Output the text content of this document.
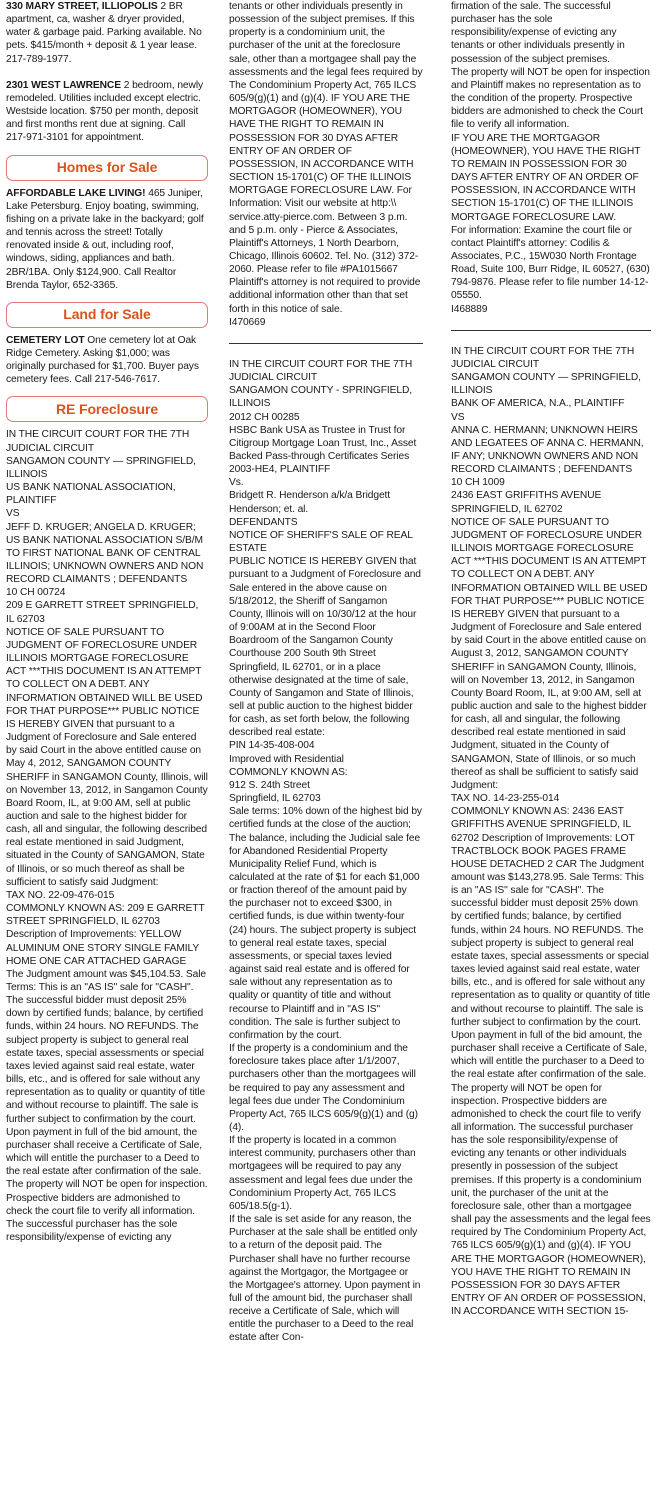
330 MARY STREET, ILLIOPOLIS 2 BR apartment, ca, washer & dryer provided, water & garbage paid. Parking available. No pets. $415/month + deposit & 1 year lease. 217-789-1977.

2301 WEST LAWRENCE 2 bedroom, newly remodeled. Utilities included except electric. Westside location. $750 per month, deposit and first months rent due at signing. Call 217-971-3101 for appointment.

Homes for Sale

AFFORDABLE LAKE LIVING! 465 Juniper, Lake Petersburg. Enjoy boating, swimming, fishing on a private lake in the backyard; golf and tennis across the street! Totally renovated inside & out, including roof, windows, siding, appliances and bath. 2BR/1BA. Only $124,900. Call Realtor Brenda Taylor, 652-3365.

Land for Sale

CEMETERY LOT One cemetery lot at Oak Ridge Cemetery. Asking $1,000; was originally purchased for $1,700. Buyer pays cemetery fees. Call 217-546-7617.

RE Foreclosure

IN THE CIRCUIT COURT FOR THE 7TH JUDICIAL CIRCUIT
SANGAMON COUNTY — SPRINGFIELD, ILLINOIS
US BANK NATIONAL ASSOCIATION, PLAINTIFF
VS
JEFF D. KRUGER; ANGELA D. KRUGER; US BANK NATIONAL ASSOCIATION S/B/M TO FIRST NATIONAL BANK OF CENTRAL ILLINOIS; UNKNOWN OWNERS AND NON RECORD CLAIMANTS ; DEFENDANTS
10 CH 00724
209 E GARRETT STREET SPRINGFIELD, IL 62703
NOTICE OF SALE PURSUANT TO JUDGMENT OF FORECLOSURE UNDER ILLINOIS MORTGAGE FORECLOSURE ACT ***THIS DOCUMENT IS AN ATTEMPT TO COLLECT ON A DEBT. ANY INFORMATION OBTAINED WILL BE USED FOR THAT PURPOSE*** PUBLIC NOTICE IS HEREBY GIVEN that pursuant to a Judgment of Foreclosure and Sale entered by said Court in the above entitled cause on May 4, 2012, SANGAMON COUNTY SHERIFF in SANGAMON County, Illinois, will on November 13, 2012, in Sangamon County Board Room, IL, at 9:00 AM, sell at public auction and sale to the highest bidder for cash, all and singular, the following described real estate mentioned in said Judgment, situated in the County of SANGAMON, State of Illinois, or so much thereof as shall be sufficient to satisfy said Judgment:
TAX NO. 22-09-476-015
COMMONLY KNOWN AS: 209 E GARRETT STREET SPRINGFIELD, IL 62703
Description of Improvements: YELLOW ALUMINUM ONE STORY SINGLE FAMILY HOME ONE CAR ATTACHED GARAGE
The Judgment amount was $45,104.53. Sale Terms: This is an "AS IS" sale for "CASH". The successful bidder must deposit 25% down by certified funds; balance, by certified funds, within 24 hours. NO REFUNDS. The subject property is subject to general real estate taxes, special assessments or special taxes levied against said real estate, water bills, etc., and is offered for sale without any representation as to quality or quantity of title and without recourse to plaintiff. The sale is further subject to confirmation by the court. Upon payment in full of the bid amount, the purchaser shall receive a Certificate of Sale, which will entitle the purchaser to a Deed to the real estate after confirmation of the sale. The property will NOT be open for inspection. Prospective bidders are admonished to check the court file to verify all information. The successful purchaser has the sole responsibility/expense of evicting any

tenants or other individuals presently in possession of the subject premises. If this property is a condominium unit, the purchaser of the unit at the foreclosure sale, other than a mortgagee shall pay the assessments and the legal fees required by The Condominium Property Act, 765 ILCS 605/9(g)(1) and (g)(4). IF YOU ARE THE MORTGAGOR (HOMEOWNER), YOU HAVE THE RIGHT TO REMAIN IN POSSESSION FOR 30 DYAS AFTER ENTRY OF AN ORDER OF POSSESSION, IN ACCORDANCE WITH SECTION 15-1701(C) OF THE ILLINOIS MORTGAGE FORECLOSURE LAW. For Information: Visit our website at http:\\ service.atty-pierce.com. Between 3 p.m. and 5 p.m. only - Pierce & Associates, Plaintiff's Attorneys, 1 North Dearborn, Chicago, Illinois 60602. Tel. No. (312) 372-2060. Please refer to file #PA1015667 Plaintiff's attorney is not required to provide additional information other than that set forth in this notice of sale.
I470669

IN THE CIRCUIT COURT FOR THE 7TH JUDICIAL CIRCUIT
SANGAMON COUNTY - SPRINGFIELD, ILLINOIS
2012 CH 00285
HSBC Bank USA as Trustee in Trust for Citigroup Mortgage Loan Trust, Inc., Asset Backed Pass-through Certificates Series 2003-HE4, PLAINTIFF
Vs.
Bridgett R. Henderson a/k/a Bridgett Henderson; et. al.
DEFENDANTS
NOTICE OF SHERIFF'S SALE OF REAL ESTATE
PUBLIC NOTICE IS HEREBY GIVEN that pursuant to a Judgment of Foreclosure and Sale entered in the above cause on 5/18/2012, the Sheriff of Sangamon County, Illinois will on 10/30/12 at the hour of 9:00AM at in the Second Floor Boardroom of the Sangamon County Courthouse 200 South 9th Street Springfield, IL 62701, or in a place otherwise designated at the time of sale, County of Sangamon and State of Illinois, sell at public auction to the highest bidder for cash, as set forth below, the following described real estate:
PIN 14-35-408-004
Improved with Residential
COMMONLY KNOWN AS:
912 S. 24th Street
Springfield, IL 62703
Sale terms: 10% down of the highest bid by certified funds at the close of the auction; The balance, including the Judicial sale fee for Abandoned Residential Property Municipality Relief Fund, which is calculated at the rate of $1 for each $1,000 or fraction thereof of the amount paid by the purchaser not to exceed $300, in certified funds, is due within twenty-four (24) hours. The subject property is subject to general real estate taxes, special assessments, or special taxes levied against said real estate and is offered for sale without any representation as to quality or quantity of title and without recourse to Plaintiff and in "AS IS" condition. The sale is further subject to confirmation by the court.
If the property is a condominium and the foreclosure takes place after 1/1/2007, purchasers other than the mortgagees will be required to pay any assessment and legal fees due under The Condominium Property Act, 765 ILCS 605/9(g)(1) and (g)(4).
If the property is located in a common interest community, purchasers other than mortgagees will be required to pay any assessment and legal fees due under the Condominium Property Act, 765 ILCS 605/18.5(g-1).
If the sale is set aside for any reason, the Purchaser at the sale shall be entitled only to a return of the deposit paid. The Purchaser shall have no further recourse against the Mortgagor, the Mortgagee or the Mortgagee's attorney. Upon payment in full of the amount bid, the purchaser shall receive a Certificate of Sale, which will entitle the purchaser to a Deed to the real estate after Con-

firmation of the sale. The successful purchaser has the sole responsibility/expense of evicting any tenants or other individuals presently in possession of the subject premises.
The property will NOT be open for inspection and Plaintiff makes no representation as to the condition of the property. Prospective bidders are admonished to check the Court file to verify all information.
IF YOU ARE THE MORTGAGOR (HOMEOWNER), YOU HAVE THE RIGHT TO REMAIN IN POSSESSION FOR 30 DAYS AFTER ENTRY OF AN ORDER OF POSSESSION, IN ACCORDANCE WITH SECTION 15-1701(C) OF THE ILLINOIS MORTGAGE FORECLOSURE LAW.
For information: Examine the court file or contact Plaintiff's attorney: Codilis & Associates, P.C., 15W030 North Frontage Road, Suite 100, Burr Ridge, IL 60527, (630) 794-9876. Please refer to file number 14-12-05550.
I468889

IN THE CIRCUIT COURT FOR THE 7TH JUDICIAL CIRCUIT
SANGAMON COUNTY — SPRINGFIELD, ILLINOIS
BANK OF AMERICA, N.A., PLAINTIFF
VS
ANNA C. HERMANN; UNKNOWN HEIRS AND LEGATEES OF ANNA C. HERMANN, IF ANY; UNKNOWN OWNERS AND NON RECORD CLAIMANTS ; DEFENDANTS
10 CH 1009
2436 EAST GRIFFITHS AVENUE SPRINGFIELD, IL 62702
NOTICE OF SALE PURSUANT TO JUDGMENT OF FORECLOSURE UNDER ILLINOIS MORTGAGE FORECLOSURE ACT ***THIS DOCUMENT IS AN ATTEMPT TO COLLECT ON A DEBT. ANY INFORMATION OBTAINED WILL BE USED FOR THAT PURPOSE*** PUBLIC NOTICE IS HEREBY GIVEN that pursuant to a Judgment of Foreclosure and Sale entered by said Court in the above entitled cause on August 3, 2012, SANGAMON COUNTY SHERIFF in SANGAMON County, Illinois, will on November 13, 2012, in Sangamon County Board Room, IL, at 9:00 AM, sell at public auction and sale to the highest bidder for cash, all and singular, the following described real estate mentioned in said Judgment, situated in the County of SANGAMON, State of Illinois, or so much thereof as shall be sufficient to satisfy said Judgment:
TAX NO. 14-23-255-014
COMMONLY KNOWN AS: 2436 EAST GRIFFITHS AVENUE SPRINGFIELD, IL 62702 Description of Improvements: LOT TRACTBLOCK BOOK PAGES FRAME HOUSE DETACHED 2 CAR The Judgment amount was $143,278.95. Sale Terms: This is an "AS IS" sale for "CASH". The successful bidder must deposit 25% down by certified funds; balance, by certified funds, within 24 hours. NO REFUNDS. The subject property is subject to general real estate taxes, special assessments or special taxes levied against said real estate, water bills, etc., and is offered for sale without any representation as to quality or quantity of title and without recourse to plaintiff. The sale is further subject to confirmation by the court. Upon payment in full of the bid amount, the purchaser shall receive a Certificate of Sale, which will entitle the purchaser to a Deed to the real estate after confirmation of the sale. The property will NOT be open for inspection. Prospective bidders are admonished to check the court file to verify all information. The successful purchaser has the sole responsibility/expense of evicting any tenants or other individuals presently in possession of the subject premises. If this property is a condominium unit, the purchaser of the unit at the foreclosure sale, other than a mortgagee shall pay the assessments and the legal fees required by The Condominium Property Act, 765 ILCS 605/9(g)(1) and (g)(4). IF YOU ARE THE MORTGAGOR (HOMEOWNER), YOU HAVE THE RIGHT TO REMAIN IN POSSESSION FOR 30 DAYS AFTER ENTRY OF AN ORDER OF POSSESSION, IN ACCORDANCE WITH SECTION 15-
